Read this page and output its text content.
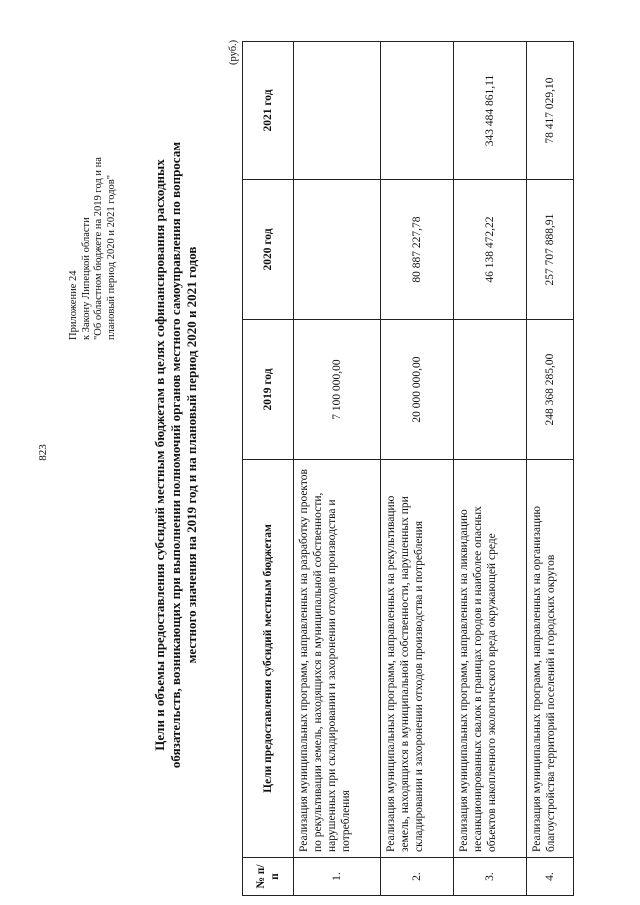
823
Приложение 24 к Закону Липецкой области "Об областном бюджете на 2019 год и на плановый период 2020 и 2021 годов"	Цели и объемы предоставления субсидий местным бюджетам в целях софинансирования расходных обязательств, возникающих при выполнении полномочий органов местного самоуправления по вопросам местного значения на 2019 год и на плановый период 2020 и 2021 годов
(руб.)
№ п/п	Цели предоставления субсидий местным бюджетам	2019 год	2020 год	2021 год
1.	Реализация муниципальных программ, направленных на разработку проектов по рекультивации земель, находящихся в муниципальной собственности, нарушенных при складировании и захоронении отходов производства и потребления	7 100 000,00		
2.	Реализация муниципальных программ, направленных на рекультивацию земель, находящихся в муниципальной собственности, нарушенных при складировании и захоронении отходов производства и потребления	20 000 000,00	80 887 227,78	
3.	Реализация муниципальных программ, направленных на ликвидацию несанкционированных свалок в границах городов и наиболее опасных объектов накопленного экологического вреда окружающей среде		46 138 472,22	343 484 861,11
4.	Реализация муниципальных программ, направленных на организацию благоустройства территорий поселений и городских округов	248 368 285,00	257 707 888,91	78 417 029,10
